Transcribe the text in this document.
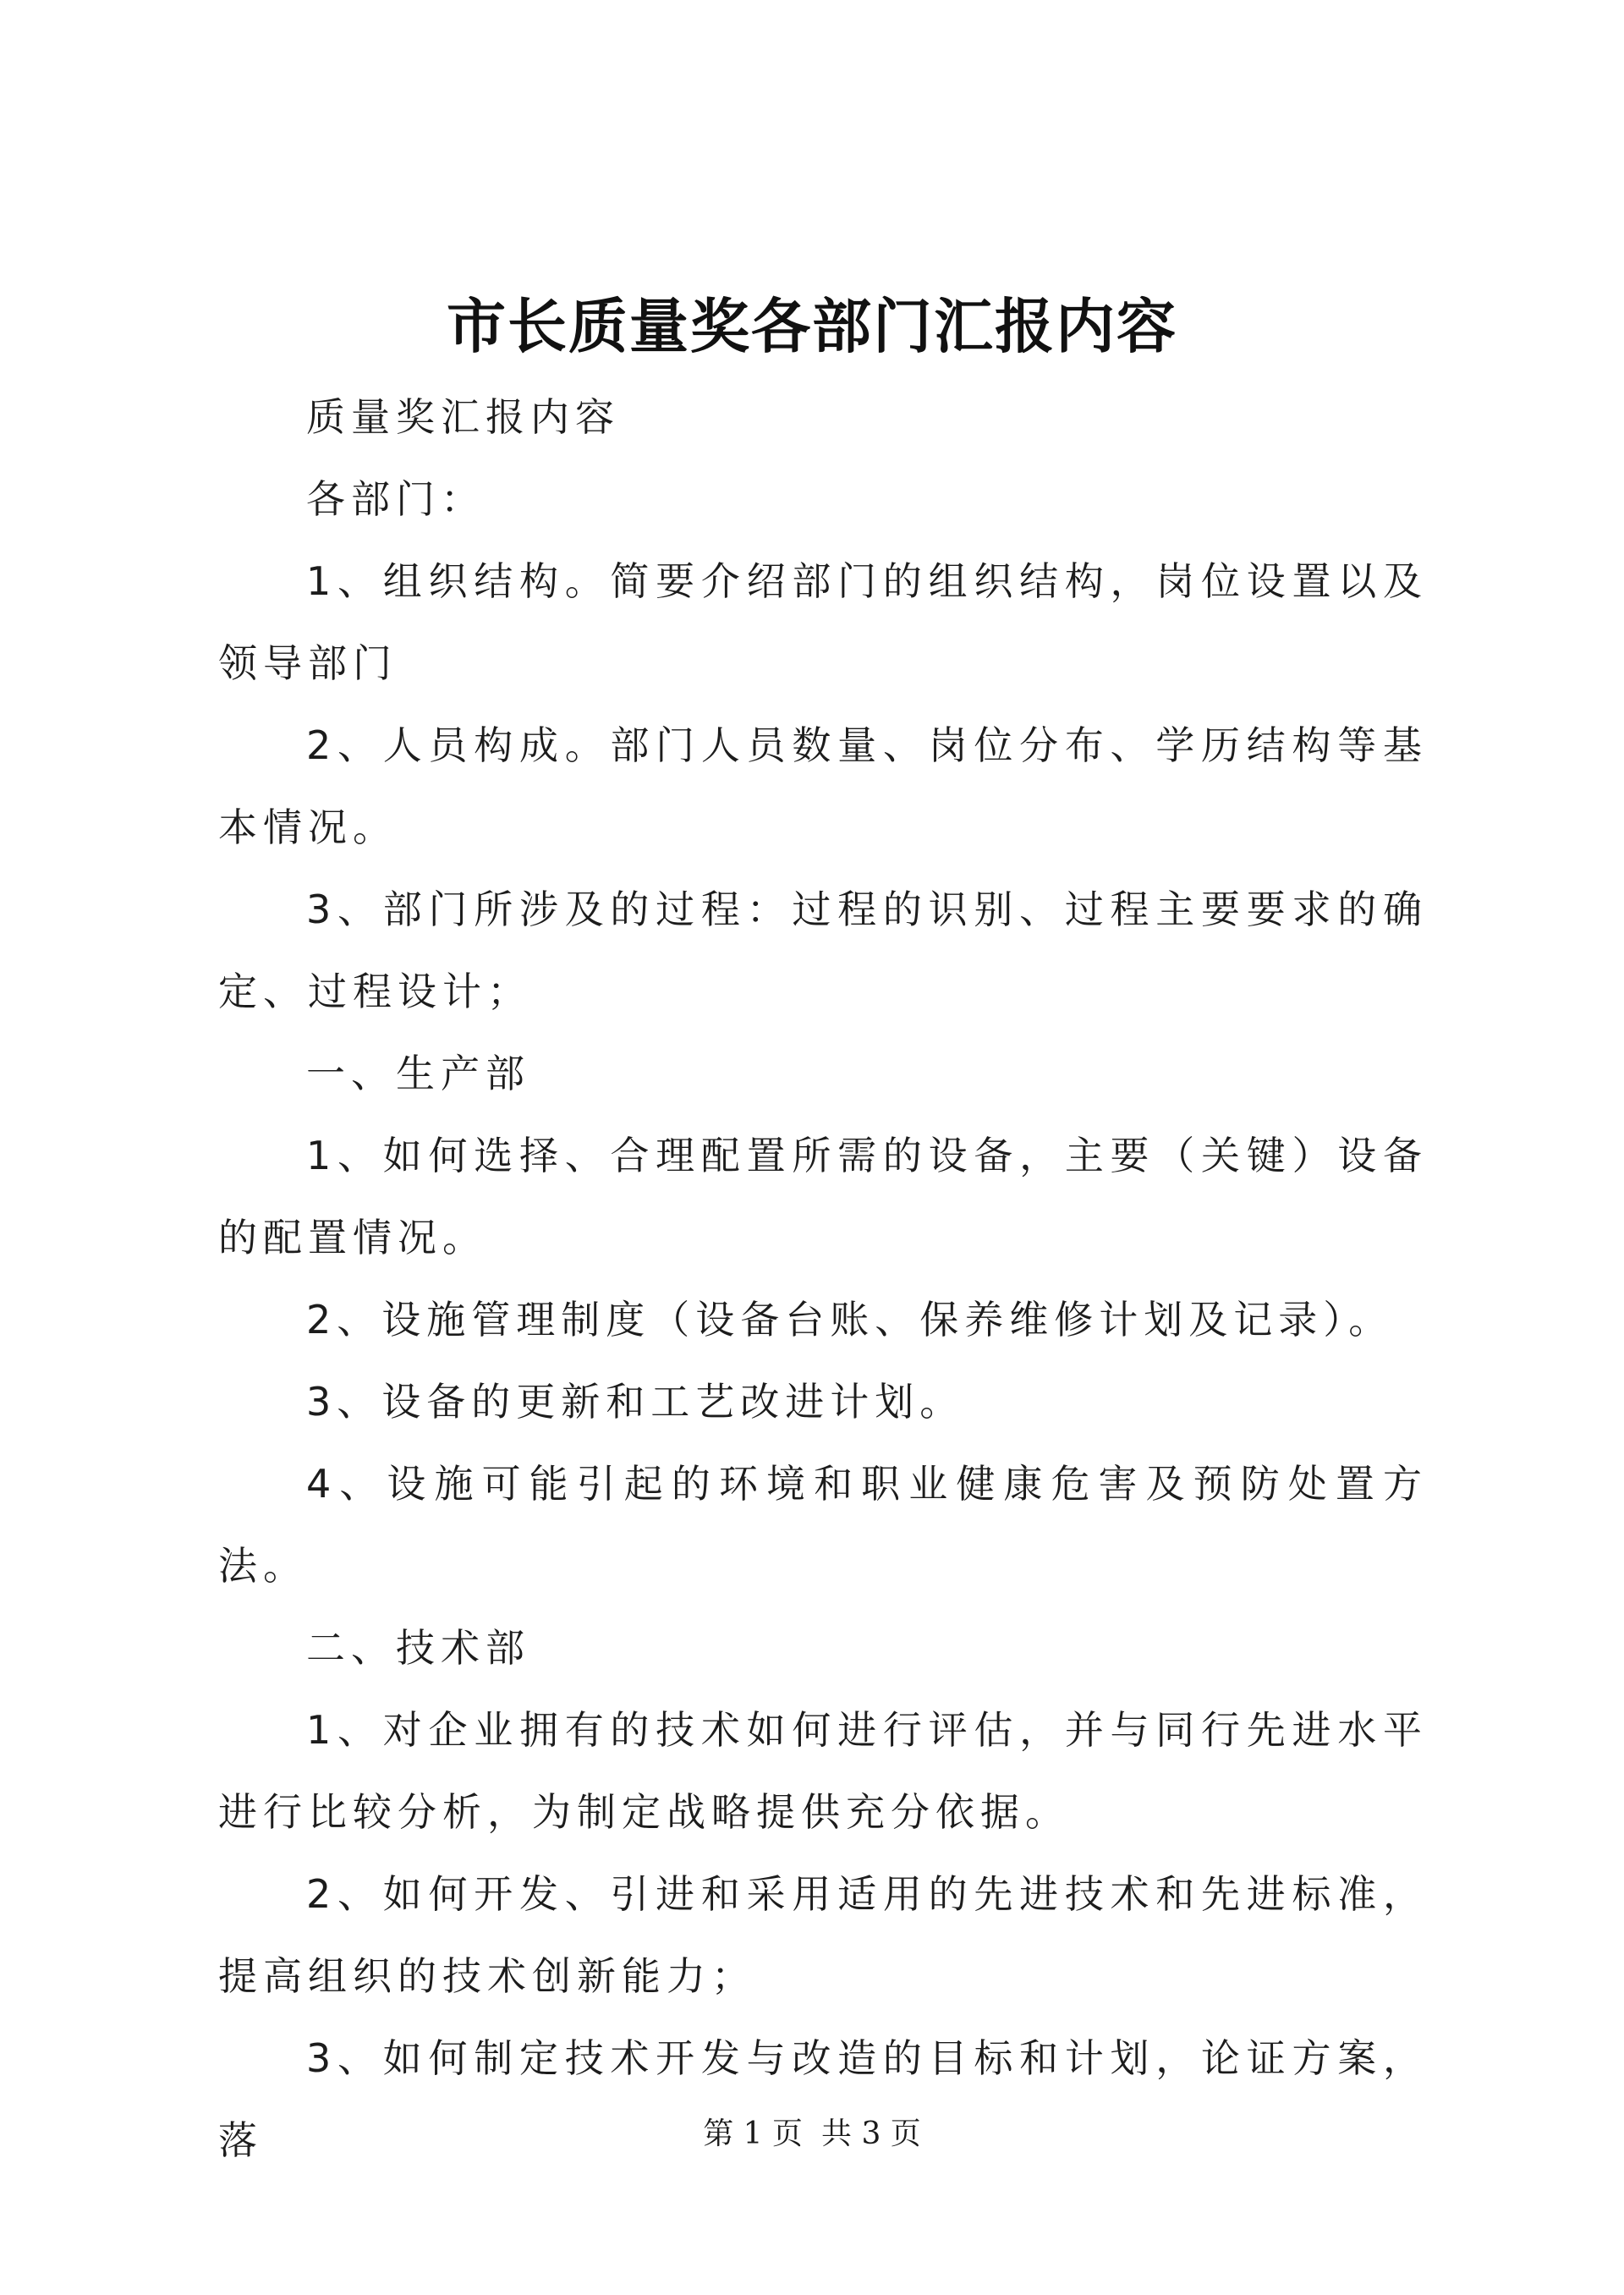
市长质量奖各部门汇报内容

质量奖汇报内容

各部门：

1、组织结构。简要介绍部门的组织结构，岗位设置以及领导部门

2、人员构成。部门人员数量、岗位分布、学历结构等基本情况。

3、部门所涉及的过程：过程的识别、过程主要要求的确定、过程设计；

一、生产部

1、如何选择、合理配置所需的设备，主要（关键）设备的配置情况。

2、设施管理制度（设备台账、保养维修计划及记录）。

3、设备的更新和工艺改进计划。

4、设施可能引起的环境和职业健康危害及预防处置方法。

二、技术部

1、对企业拥有的技术如何进行评估，并与同行先进水平进行比较分析，为制定战略提供充分依据。

2、如何开发、引进和采用适用的先进技术和先进标准，提高组织的技术创新能力；

3、如何制定技术开发与改造的目标和计划，论证方案，落	第 1 页 共 3 页
